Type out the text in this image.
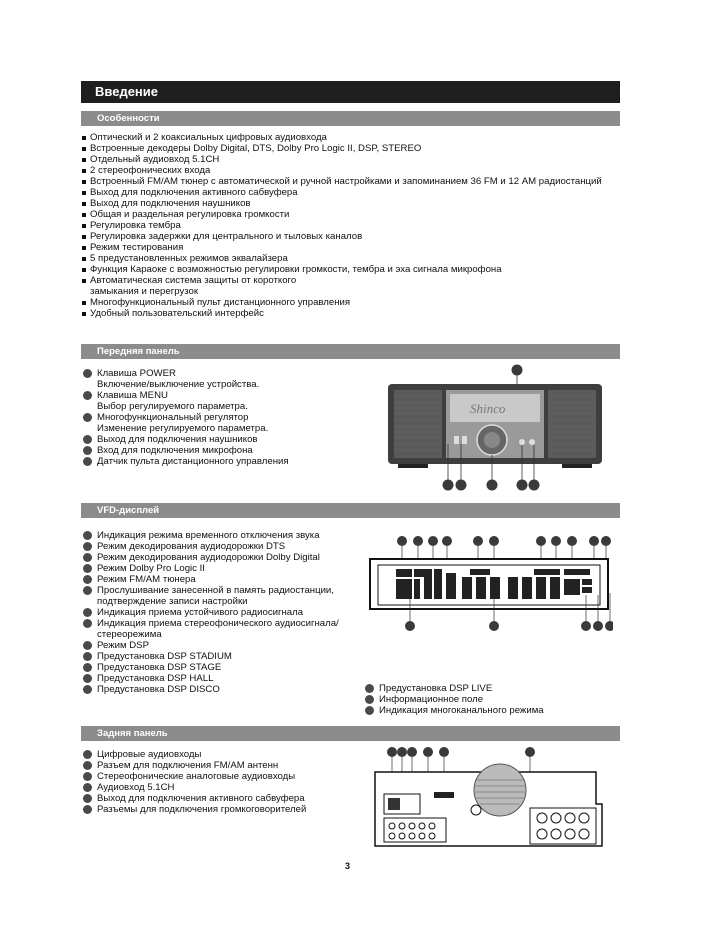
Введение
Особенности
Оптический и 2 коаксиальных цифровых аудиовхода
Встроенные декодеры Dolby Digital, DTS, Dolby Pro Logic II, DSP, STEREO
Отдельный аудиовход 5.1CH
2 стереофонических входа
Встроенный FM/AM тюнер с автоматической и ручной настройками и запоминанием 36 FM и 12 AM радиостанций
Выход для подключения активного сабвуфера
Выход для подключения наушников
Общая и раздельная регулировка громкости
Регулировка тембра
Регулировка задержки для центрального и тыловых каналов
Режим тестирования
5 предустановленных режимов эквалайзера
Функция Караоке с возможностью регулировки громкости, тембра и эха сигнала микрофона
Автоматическая система защиты от короткого замыкания и перегрузок
Многофункциональный пульт дистанционного управления
Удобный пользовательский интерфейс
Передняя панель
Клавиша POWER
Включение/выключение устройства.
Клавиша MENU
Выбор регулируемого параметра.
Многофункциональный регулятор
Изменение регулируемого параметра.
Выход для подключения наушников
Вход для подключения микрофона
Датчик пульта дистанционного управления
Shinco
VFD-дисплей
Индикация режима временного отключения звука
Режим декодирования аудиодорожки DTS
Режим декодирования аудиодорожки Dolby Digital
Режим Dolby Pro Logic II
Режим FM/AM тюнера
Прослушивание занесенной в память радиостанции, подтверждение записи настройки
Индикация приема устойчивого радиосигнала
Индикация приема стереофонического аудиосигнала/стереорежима
Режим DSP
Предустановка DSP STADIUM
Предустановка DSP STAGE
Предустановка DSP HALL
Предустановка DSP DISCO	Предустановка DSP LIVE
Информационное поле
Индикация многоканального режима
Задняя панель
Цифровые аудиовходы
Разъем для подключения FM/AM антенн
Стереофонические аналоговые аудиовходы
Аудиовход 5.1CH
Выход для подключения активного сабвуфера
Разъемы для подключения громкоговорителей
3
